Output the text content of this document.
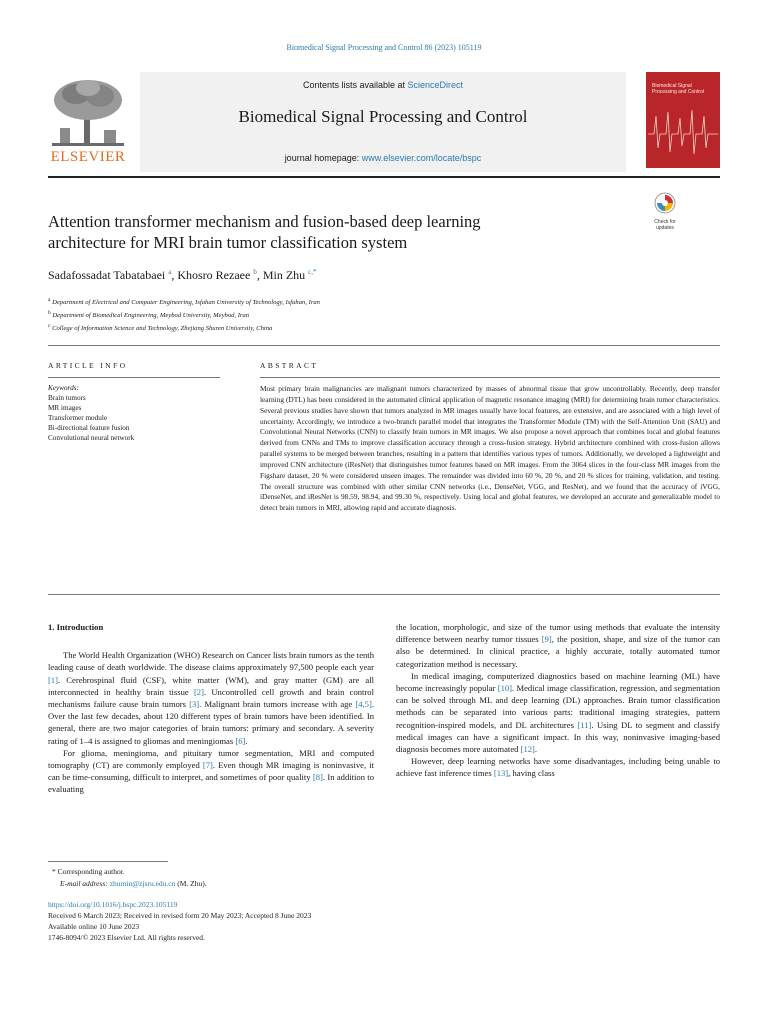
Biomedical Signal Processing and Control 86 (2023) 105119
ELSEVIER
Contents lists available at ScienceDirect
Biomedical Signal Processing and Control
journal homepage: www.elsevier.com/locate/bspc
Biomedical Signal Processing and Control
Check for
updates
Attention transformer mechanism and fusion-based deep learning
architecture for MRI brain tumor classification system
Sadafossadat Tabatabaei $^a$, Khosro Rezaee $^b$, Min Zhu $^{c,*}$
$^a$ Department of Electrical and Computer Engineering, Isfahan University of Technology, Isfahan, Iran
$^b$ Department of Biomedical Engineering, Meybod University, Meybod, Iran
$^c$ College of Information Science and Technology, Zhejiang Shuren University, China
ARTICLE INFO	ABSTRACT
Keywords:
Brain tumors
MR images
Transformer module
Bi-directional feature fusion
Convolutional neural network
Most primary brain malignancies are malignant tumors characterized by masses of abnormal tissue that grow uncontrollably. Recently, deep transfer learning (DTL) has been considered in the automated clinical application of magnetic resonance imaging (MRI) for determining brain tumor characteristics. Several previous studies have shown that tumors analyzed in MR images usually have local features, are extensive, and are associated with a high level of uncertainty. Accordingly, we introduce a two-branch parallel model that integrates the Transformer Module (TM) with the Self-Attention Unit (SAU) and Convolutional Neural Networks (CNN) to classify brain tumors in MR images. We also propose a novel approach that combines local and global features derived from CNNs and TMs to improve classification accuracy through a cross-fusion strategy. Hybrid architecture combined with cross-fusion allows parallel systems to be merged between branches, resulting in a pattern that identifies various types of tumors. Additionally, we developed a lightweight and improved CNN architecture (iResNet) that distinguishes tumor features based on MR images. From the 3064 slices in the four-class MR images from the Figshare dataset, 20 % were considered unseen images. The remainder was divided into 60 %, 20 %, and 20 % slices for training, validation, and testing. The overall structure was combined with other similar CNN networks (i.e., DenseNet, VGG, and ResNet), and we found that the accuracy of iVGG, iDenseNet, and iResNet is 98.59, 98.94, and 99.30 %, respectively. Using local and global features, we developed an accurate and generalizable model to detect brain tumors in MRI, allowing rapid and accurate diagnosis.
1. Introduction

The World Health Organization (WHO) Research on Cancer lists brain tumors as the tenth leading cause of death worldwide. The disease claims approximately 97,500 people each year [1]. Cerebrospinal fluid (CSF), white matter (WM), and gray matter (GM) are all interconnected in healthy brain tissue [2]. Uncontrolled cell growth and brain control mechanisms failure cause brain tumors [3]. Malignant brain tumors increase with age [4,5]. Over the last few decades, about 120 different types of brain tumors have been identified. In general, there are two major categories of brain tumors: primary and secondary. A severity rating of 1–4 is assigned to gliomas and meningiomas [6].

For glioma, meningioma, and pituitary tumor segmentation, MRI and computed tomography (CT) are commonly employed [7]. Even though MR imaging is noninvasive, it can be time-consuming, difficult to interpret, and sometimes of poor quality [8]. In addition to evaluating

the location, morphologic, and size of the tumor using methods that evaluate the intensity difference between nearby tumor tissues [9], the position, shape, and size of the tumor can also be determined. In clinical practice, a highly accurate, totally automated tumor categorization method is necessary.

In medical imaging, computerized diagnostics based on machine learning (ML) have become increasingly popular [10]. Medical image classification, regression, and segmentation can be solved through ML and deep learning (DL) approaches. Brain tumor classification methods can be separated into various parts: traditional imaging strategies, pattern recognition-inspired models, and DL architectures [11]. Using DL to segment and classify medical images can have a significant impact. In this way, noninvasive imaging-based diagnosis becomes more automated [12].

However, deep learning networks have some disadvantages, including being unable to achieve fast inference times [13], having class

* Corresponding author.
E-mail address: zhumin@zjsru.edu.cn (M. Zhu).
https://doi.org/10.1016/j.bspc.2023.105119
Received 6 March 2023; Received in revised form 20 May 2023; Accepted 8 June 2023
Available online 10 June 2023
1746-8094/© 2023 Elsevier Ltd. All rights reserved.
